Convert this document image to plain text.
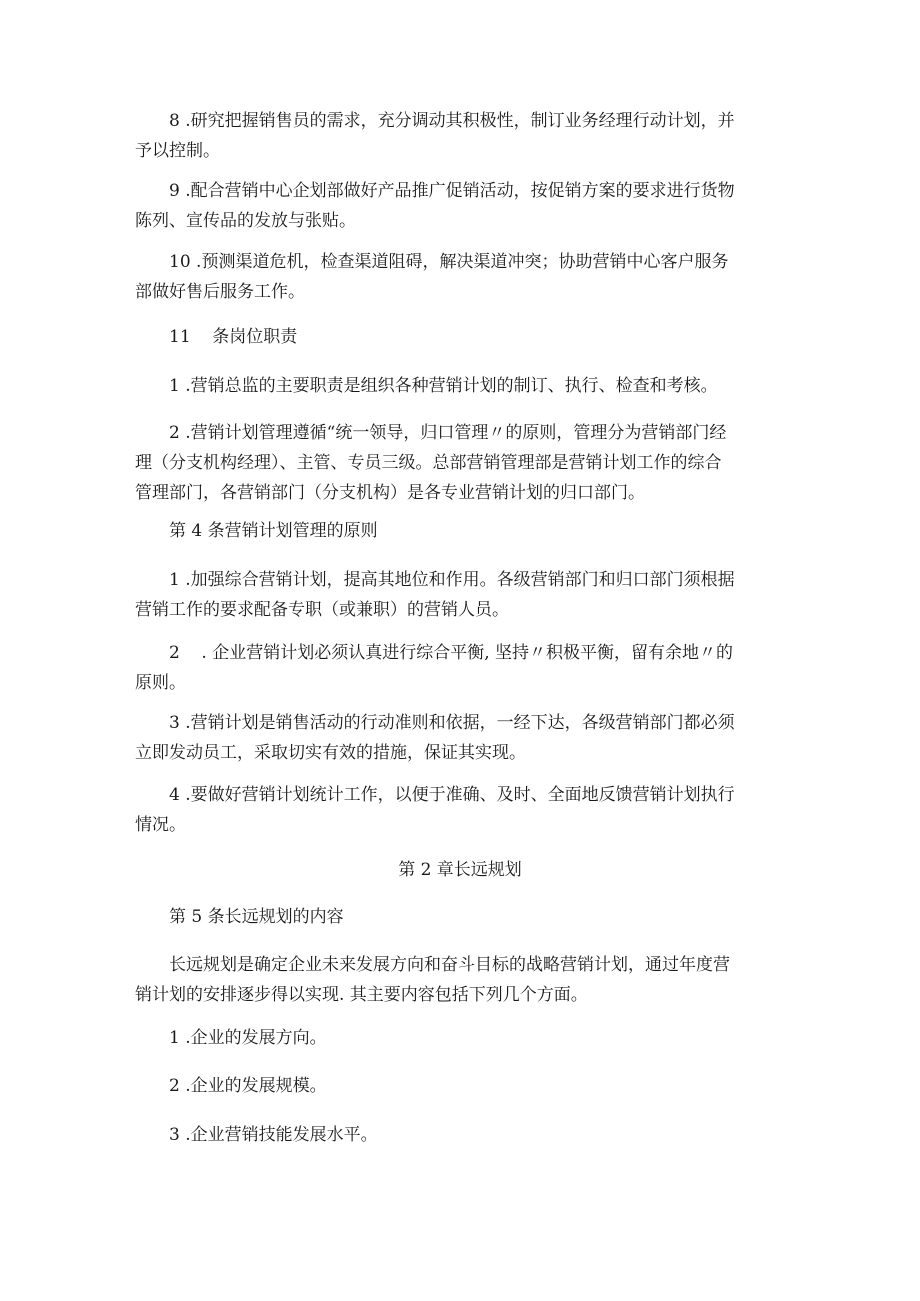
8 .研究把握销售员的需求，充分调动其积极性，制订业务经理行动计划，并
予以控制。

9 .配合营销中心企划部做好产品推广促销活动，按促销方案的要求进行货物
陈列、宣传品的发放与张贴。

10 .预测渠道危机，检查渠道阻碍，解决渠道冲突；协助营销中心客户服务
部做好售后服务工作。

11    条岗位职责

1 .营销总监的主要职责是组织各种营销计划的制订、执行、检查和考核。

2 .营销计划管理遵循“统一领导，归口管理〃的原则，管理分为营销部门经
理（分支机构经理）、主管、专员三级。总部营销管理部是营销计划工作的综合
管理部门，各营销部门（分支机构）是各专业营销计划的归口部门。

第 4 条营销计划管理的原则

1 .加强综合营销计划，提高其地位和作用。各级营销部门和归口部门须根据
营销工作的要求配备专职（或兼职）的营销人员。

2    . 企业营销计划必须认真进行综合平衡, 坚持〃积极平衡，留有余地〃的
原则。

3 .营销计划是销售活动的行动准则和依据，一经下达，各级营销部门都必须
立即发动员工，采取切实有效的措施，保证其实现。

4 .要做好营销计划统计工作，以便于准确、及时、全面地反馈营销计划执行
情况。

第 2 章长远规划

第 5 条长远规划的内容

长远规划是确定企业未来发展方向和奋斗目标的战略营销计划，通过年度营
销计划的安排逐步得以实现. 其主要内容包括下列几个方面。

1 .企业的发展方向。

2 .企业的发展规模。

3 .企业营销技能发展水平。
